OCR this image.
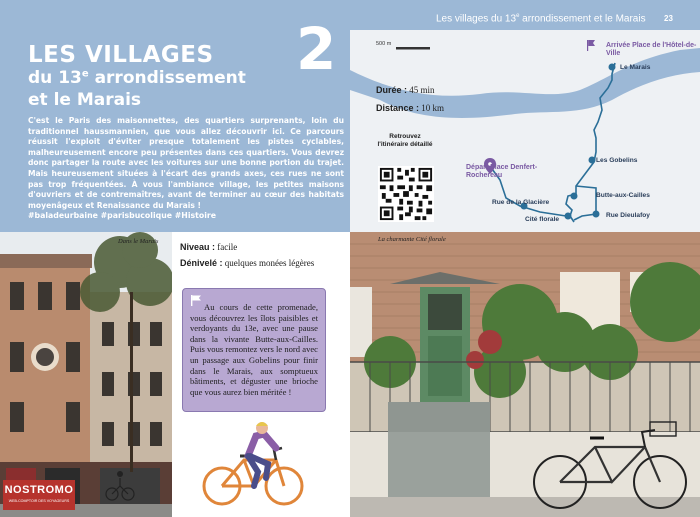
2
LES VILLAGES
du 13e arrondissement
et le Marais
C'est le Paris des maisonnettes, des quartiers surprenants, loin du traditionnel haussmannien, que vous allez découvrir ici. Ce parcours réussit l'exploit d'éviter presque totalement les pistes cyclables, malheureusement encore peu présentes dans ces quartiers. Vous devrez donc partager la route avec les voitures sur une bonne portion du trajet. Mais heureusement situées à l'écart des grands axes, ces rues ne sont pas trop fréquentées. À vous l'ambiance village, les petites maisons d'ouvriers et de contremaîtres, avant de terminer au cœur des habitats moyenâgeux et Renaissance du Marais !
#baladeurbaine #parisbucolique #Histoire
Dans le Marais
Niveau : facile
Dénivelé : quelques monées légères
Au cours de cette promenade, vous découvrez les îlots paisibles et verdoyants du 13e, avec une pause dans la vivante Butte-aux-Cailles. Puis vous remontez vers le nord avec un passage aux Gobelins pour finir dans le Marais, aux somptueux bâtiments, et déguster une brioche que vous aurez bien méritée !
NOSTROMO
WEB-COMPTOIR DES VOYAGEURS
Les villages du 13e arrondissement et le Marais 23
500 m	Arrivée Place de l'Hôtel-de-Ville
Départ Place Denfert-Rochereau
Le Marais
Les Gobelins
Butte-aux-Cailles
Rue Dieulafoy
Cité florale
Rue de la Glacière
Durée : 45 min
Distance : 10 km
Retrouvez l'itinéraire détaillé
La charmante Cité florale
